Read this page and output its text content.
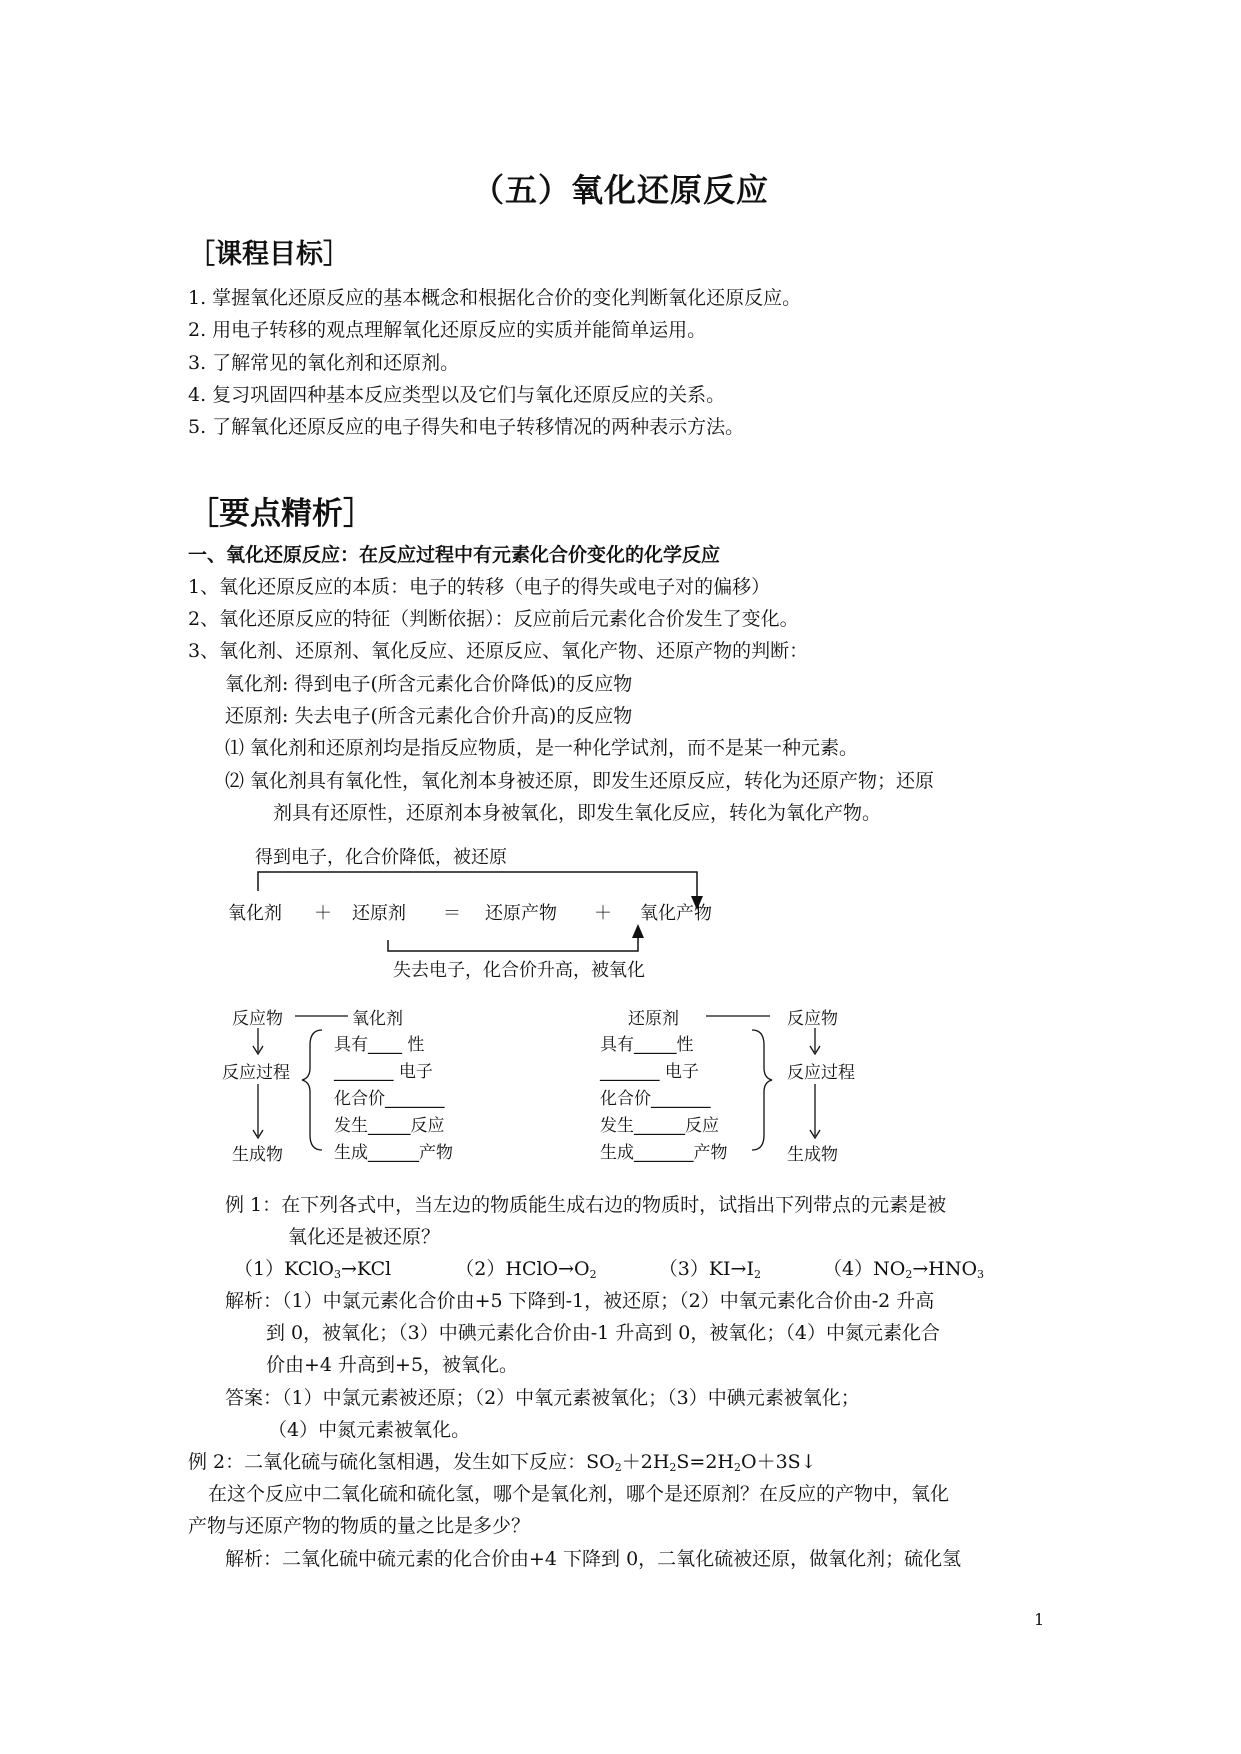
（五）氧化还原反应
［课程目标］
1. 掌握氧化还原反应的基本概念和根据化合价的变化判断氧化还原反应。
2. 用电子转移的观点理解氧化还原反应的实质并能简单运用。
3. 了解常见的氧化剂和还原剂。
4. 复习巩固四种基本反应类型以及它们与氧化还原反应的关系。
5. 了解氧化还原反应的电子得失和电子转移情况的两种表示方法。
［要点精析］
一、氧化还原反应：在反应过程中有元素化合价变化的化学反应
1、氧化还原反应的本质：电子的转移（电子的得失或电子对的偏移）
2、氧化还原反应的特征（判断依据）：反应前后元素化合价发生了变化。
3、氧化剂、还原剂、氧化反应、还原反应、氧化产物、还原产物的判断：
氧化剂: 得到电子(所含元素化合价降低)的反应物
还原剂: 失去电子(所含元素化合价升高)的反应物
⑴ 氧化剂和还原剂均是指反应物质，是一种化学试剂，而不是某一种元素。
⑵ 氧化剂具有氧化性，氧化剂本身被还原，即发生还原反应，转化为还原产物；还原
剂具有还原性，还原剂本身被氧化，即发生氧化反应，转化为氧化产物。
得到电子，化合价降低，被还原
氧化剂 ＋ 还原剂 ＝ 还原产物 ＋ 氧化产物
失去电子，化合价升高，被氧化
反应物	氧化剂
反应过程
生成物
具有____ 性
_______ 电子
化合价_______
发生_____反应
生成______产物
还原剂	反应物
反应过程
生成物
具有_____性
_______ 电子
化合价_______
发生______反应
生成_______产物
例 1：在下列各式中，当左边的物质能生成右边的物质时，试指出下列带点的元素是被
氧化还是被还原？
（1）KClO$_3$→KCl	$(2)HClO\to O_2$	$(3)KI\to I_2$	$(4)NO_2\to HNO_3$
解析：（1）中氯元素化合价由+5 下降到-1，被还原；（2）中氧元素化合价由-2 升高
到 0，被氧化；（3）中碘元素化合价由-1 升高到 0，被氧化；（4）中氮元素化合
价由+4 升高到+5，被氧化。
答案：（1）中氯元素被还原；（2）中氧元素被氧化；（3）中碘元素被氧化；
（4）中氮元素被氧化。
例 2：二氧化硫与硫化氢相遇，发生如下反应：$SO_2+2H_2S=2H_2O+3S↓$
在这个反应中二氧化硫和硫化氢，哪个是氧化剂，哪个是还原剂？在反应的产物中，氧化
产物与还原产物的物质的量之比是多少？
解析：二氧化硫中硫元素的化合价由+4 下降到 0，二氧化硫被还原，做氧化剂；硫化氢
1
